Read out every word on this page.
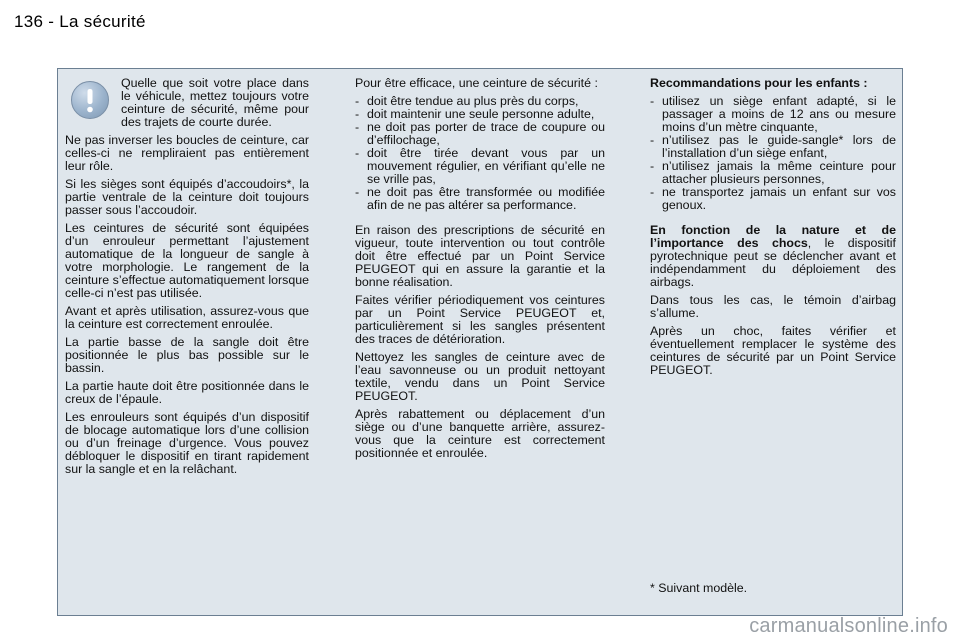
136 - La sécurité

Quelle que soit votre place dans le véhicule, mettez toujours votre ceinture de sécurité, même pour des trajets de courte durée.

Ne pas inverser les boucles de ceinture, car celles-ci ne rempliraient pas entièrement leur rôle.

Si les sièges sont équipés d’accoudoirs*, la partie ventrale de la ceinture doit toujours passer sous l’accoudoir.

Les ceintures de sécurité sont équipées d’un enrouleur permettant l’ajustement automatique de la longueur de sangle à votre morphologie. Le rangement de la ceinture s’effectue automatiquement lorsque celle-ci n’est pas utilisée.

Avant et après utilisation, assurez-vous que la ceinture est correctement enroulée.

La partie basse de la sangle doit être positionnée le plus bas possible sur le bassin.

La partie haute doit être positionnée dans le creux de l’épaule.

Les enrouleurs sont équipés d’un dispositif de blocage automatique lors d’une collision ou d’un freinage d’urgence. Vous pouvez débloquer le dispositif en tirant rapidement sur la sangle et en la relâchant.

Pour être efficace, une ceinture de sécurité :

- doit être tendue au plus près du corps,
- doit maintenir une seule personne adulte,
- ne doit pas porter de trace de coupure ou d’effilochage,
- doit être tirée devant vous par un mouvement régulier, en vérifiant qu’elle ne se vrille pas,
- ne doit pas être transformée ou modifiée afin de ne pas altérer sa performance.

En raison des prescriptions de sécurité en vigueur, toute intervention ou tout contrôle doit être effectué par un Point Service PEUGEOT qui en assure la garantie et la bonne réalisation.

Faites vérifier périodiquement vos ceintures par un Point Service PEUGEOT et, particulièrement si les sangles présentent des traces de détérioration.

Nettoyez les sangles de ceinture avec de l’eau savonneuse ou un produit nettoyant textile, vendu dans un Point Service PEUGEOT.

Après rabattement ou déplacement d’un siège ou d’une banquette arrière, assurez-vous que la ceinture est correctement positionnée et enroulée.

Recommandations pour les enfants :

- utilisez un siège enfant adapté, si le passager a moins de 12 ans ou mesure moins d’un mètre cinquante,
- n’utilisez pas le guide-sangle* lors de l’installation d’un siège enfant,
- n’utilisez jamais la même ceinture pour attacher plusieurs personnes,
- ne transportez jamais un enfant sur vos genoux.

En fonction de la nature et de l’importance des chocs, le dispositif pyrotechnique peut se déclencher avant et indépendamment du déploiement des airbags.

Dans tous les cas, le témoin d’airbag s’allume.

Après un choc, faites vérifier et éventuellement remplacer le système des ceintures de sécurité par un Point Service PEUGEOT.

* Suivant modèle.
carmanualsonline.info
